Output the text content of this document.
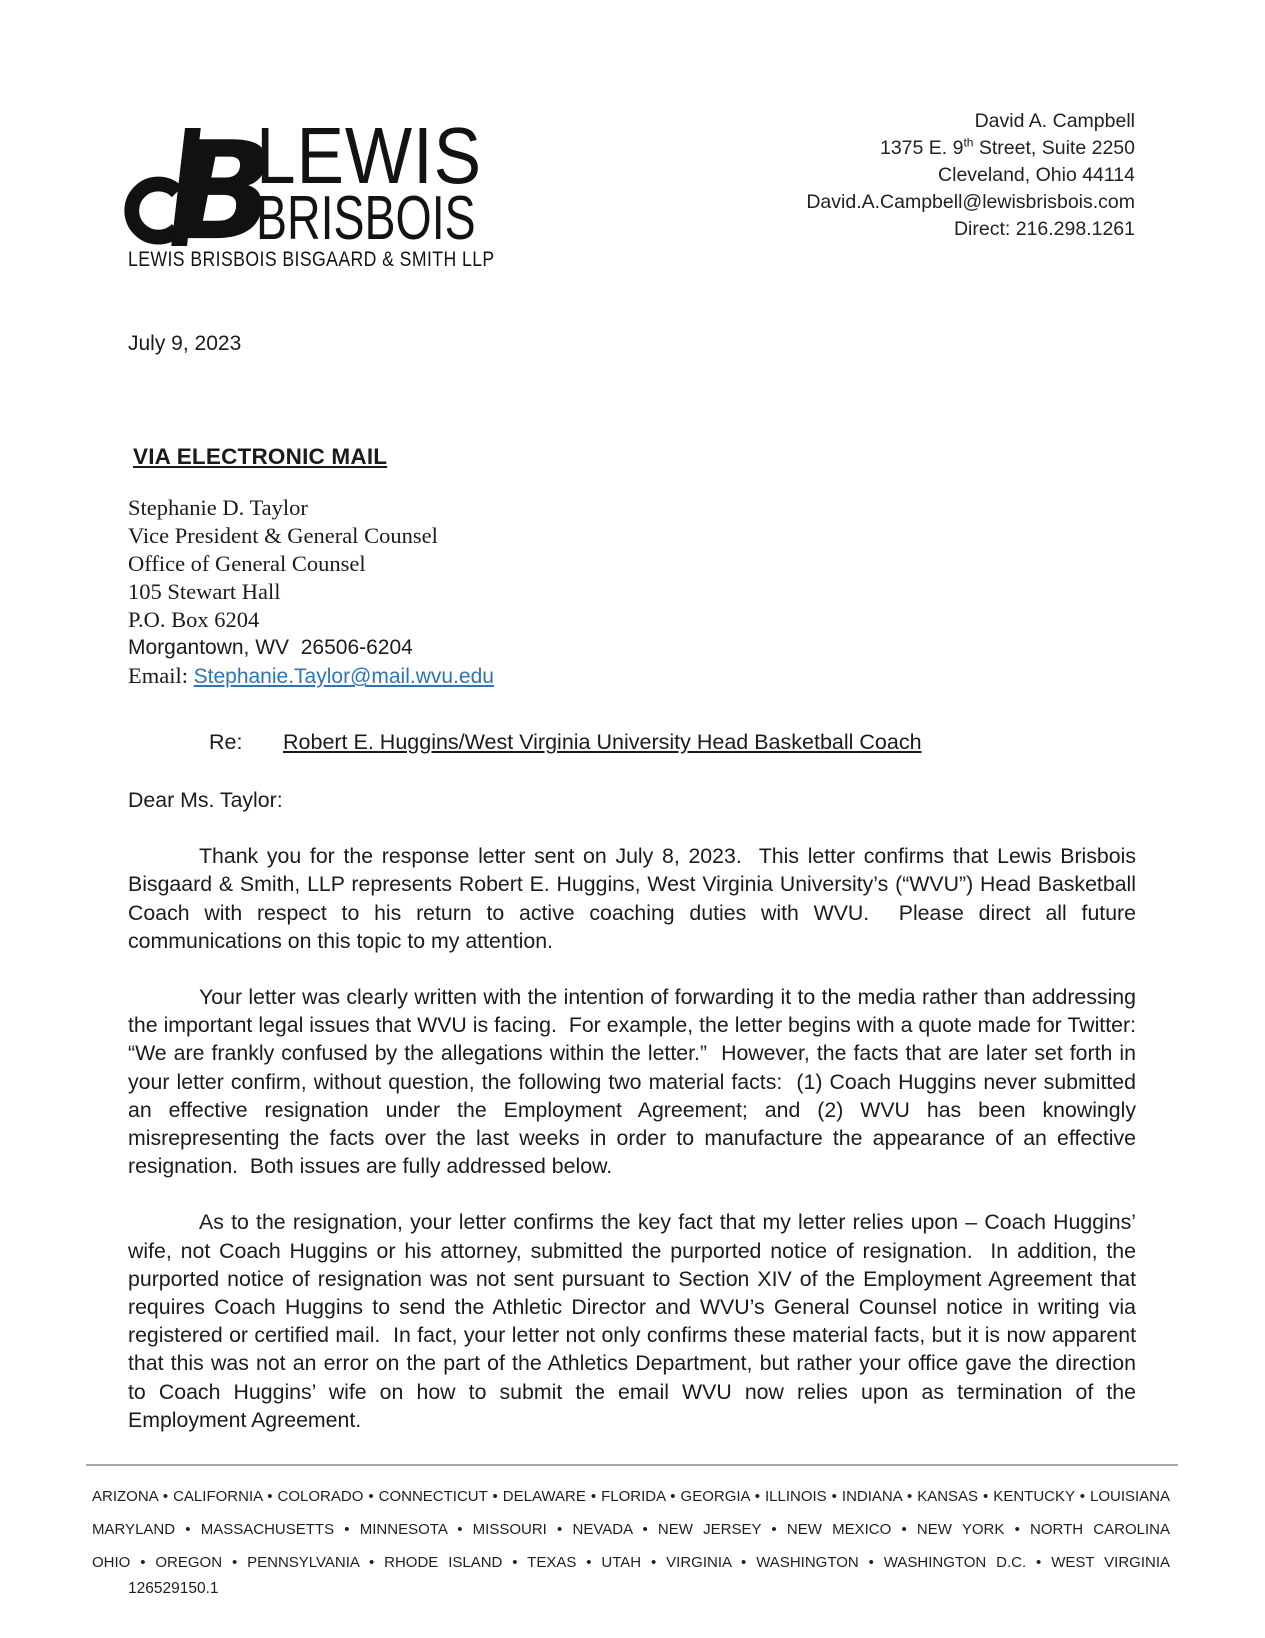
B
LEWIS
BRISBOIS
LEWIS BRISBOIS BISGAARD & SMITH LLP
David A. Campbell
1375 E. 9th Street, Suite 2250
Cleveland, Ohio 44114
David.A.Campbell@lewisbrisbois.com
Direct: 216.298.1261
July 9, 2023
VIA ELECTRONIC MAIL
Stephanie D. Taylor
Vice President & General Counsel
Office of General Counsel
105 Stewart Hall
P.O. Box 6204
Morgantown, WV  26506-6204
Email: Stephanie.Taylor@mail.wvu.edu
Re: Robert E. Huggins/West Virginia University Head Basketball Coach
Dear Ms. Taylor:

Thank you for the response letter sent on July 8, 2023.  This letter confirms that Lewis Brisbois Bisgaard & Smith, LLP represents Robert E. Huggins, West Virginia University’s (“WVU”) Head Basketball Coach with respect to his return to active coaching duties with WVU.  Please direct all future communications on this topic to my attention.

Your letter was clearly written with the intention of forwarding it to the media rather than addressing the important legal issues that WVU is facing.  For example, the letter begins with a quote made for Twitter:  “We are frankly confused by the allegations within the letter.”  However, the facts that are later set forth in your letter confirm, without question, the following two material facts:  (1) Coach Huggins never submitted an effective resignation under the Employment Agreement; and (2) WVU has been knowingly misrepresenting the facts over the last weeks in order to manufacture the appearance of an effective resignation.  Both issues are fully addressed below.

As to the resignation, your letter confirms the key fact that my letter relies upon – Coach Huggins’ wife, not Coach Huggins or his attorney, submitted the purported notice of resignation.  In addition, the purported notice of resignation was not sent pursuant to Section XIV of the Employment Agreement that requires Coach Huggins to send the Athletic Director and WVU’s General Counsel notice in writing via registered or certified mail.  In fact, your letter not only confirms these material facts, but it is now apparent that this was not an error on the part of the Athletics Department, but rather your office gave the direction to Coach Huggins’ wife on how to submit the email WVU now relies upon as termination of the Employment Agreement.

ARIZONA • CALIFORNIA • COLORADO • CONNECTICUT • DELAWARE • FLORIDA • GEORGIA • ILLINOIS • INDIANA • KANSAS • KENTUCKY • LOUISIANA
MARYLAND • MASSACHUSETTS • MINNESOTA • MISSOURI • NEVADA • NEW JERSEY • NEW MEXICO • NEW YORK • NORTH CAROLINA
OHIO • OREGON • PENNSYLVANIA • RHODE ISLAND • TEXAS • UTAH • VIRGINIA • WASHINGTON • WASHINGTON D.C. • WEST VIRGINIA
126529150.1
